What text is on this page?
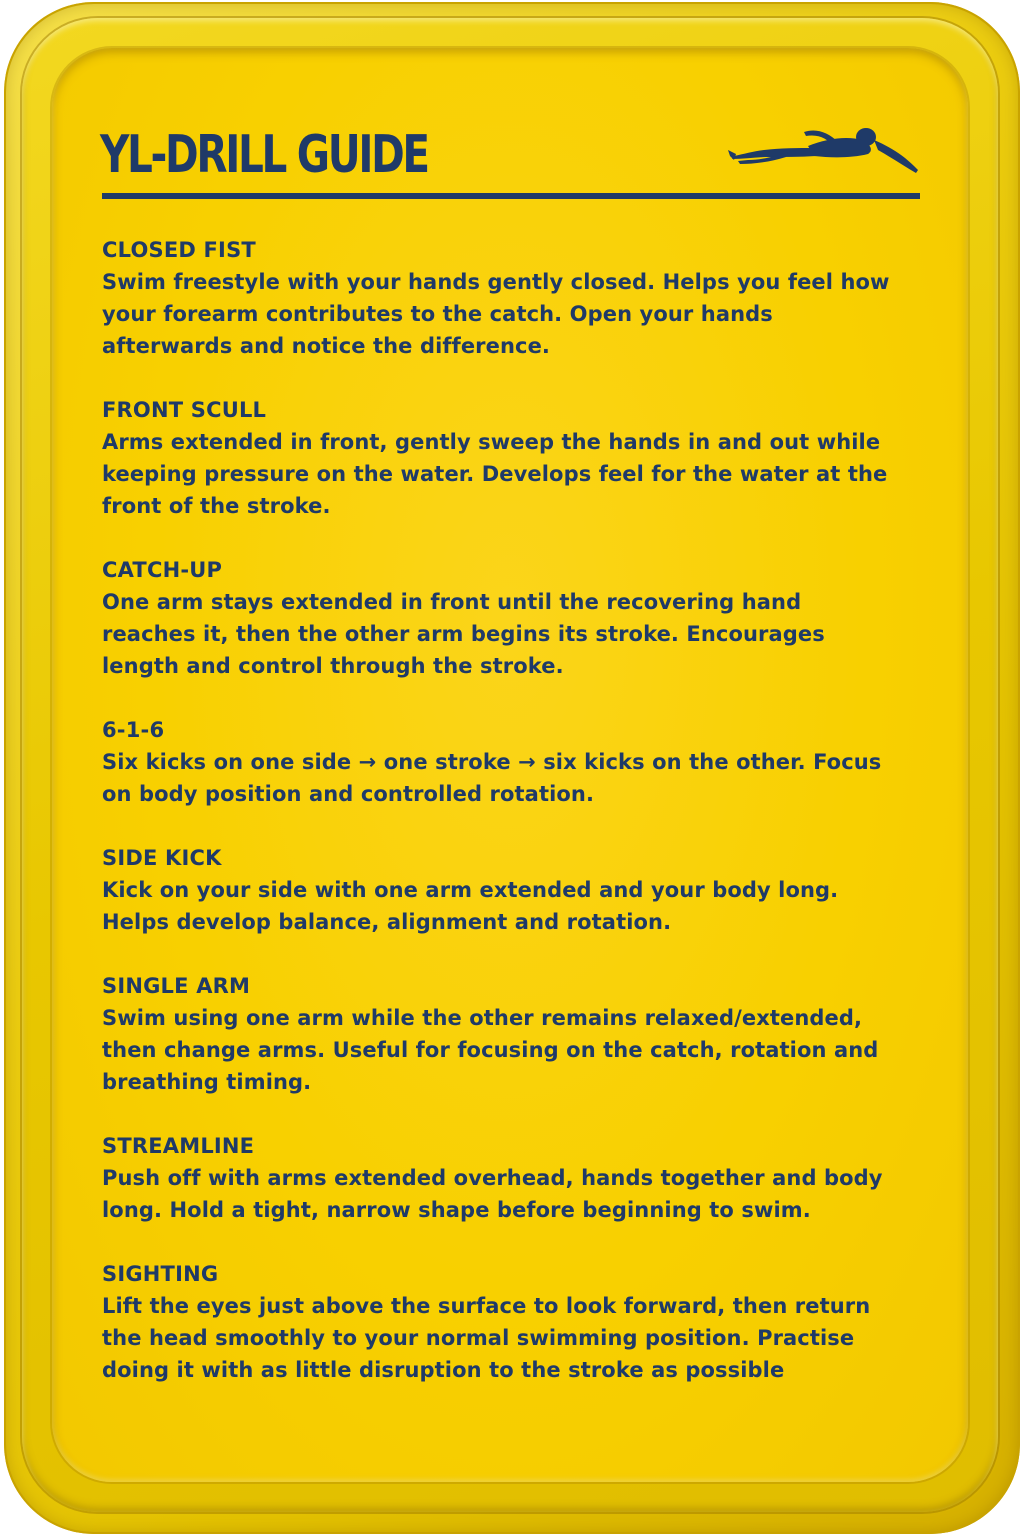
YL-DRILL GUIDE
CLOSED FIST
Swim freestyle with your hands gently closed. Helps you feel how your forearm contributes to the catch. Open your hands afterwards and notice the difference.
FRONT SCULL
Arms extended in front, gently sweep the hands in and out while keeping pressure on the water. Develops feel for the water at the front of the stroke.
CATCH-UP
One arm stays extended in front until the recovering hand reaches it, then the other arm begins its stroke. Encourages length and control through the stroke.
6-1-6
Six kicks on one side → one stroke → six kicks on the other. Focus on body position and controlled rotation.
SIDE KICK
Kick on your side with one arm extended and your body long. Helps develop balance, alignment and rotation.
SINGLE ARM
Swim using one arm while the other remains relaxed/extended, then change arms. Useful for focusing on the catch, rotation and breathing timing.
STREAMLINE
Push off with arms extended overhead, hands together and body long. Hold a tight, narrow shape before beginning to swim.
SIGHTING
Lift the eyes just above the surface to look forward, then return the head smoothly to your normal swimming position. Practise doing it with as little disruption to the stroke as possible
